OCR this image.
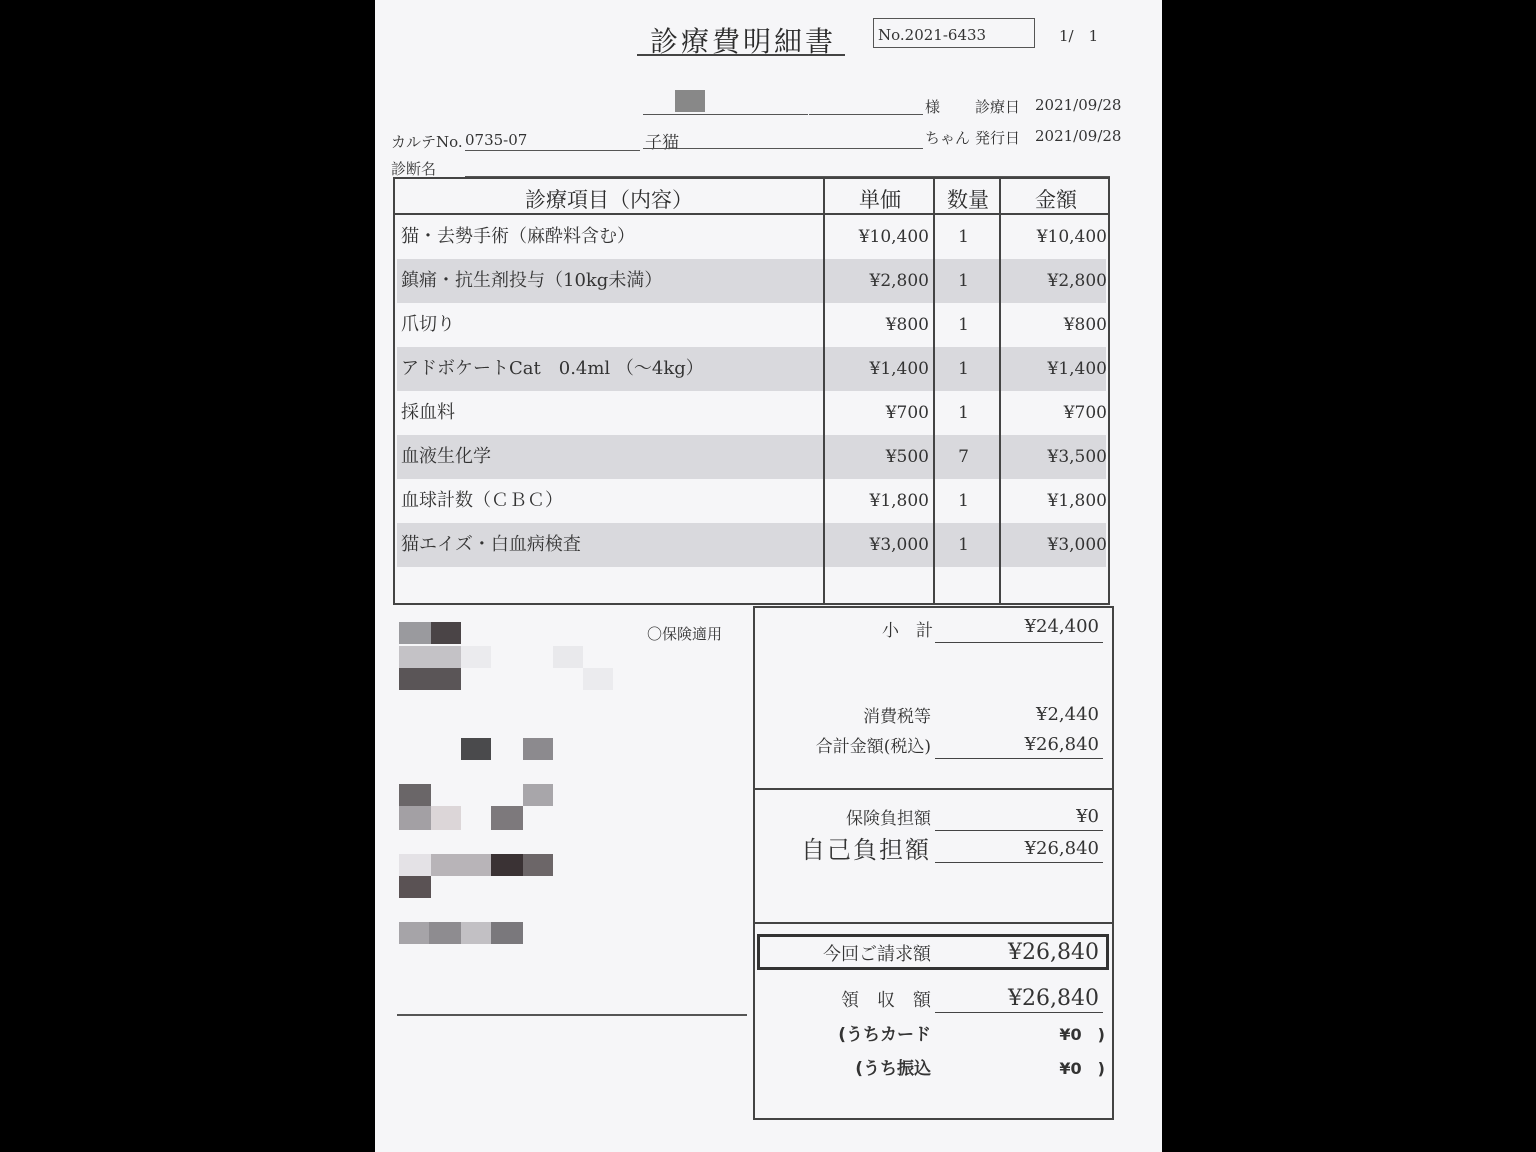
診療費明細書	No.2021-6433	1/　1
様 診療日 2021/09/28
カルテNo. 0735-07	子猫	ちゃん 発行日 2021/09/28
診断名
診療項目（内容）	単価	数量	金額
猫・去勢手術（麻酔料含む）	¥10,400	1	¥10,400
鎮痛・抗生剤投与（10kg未満）	¥2,800	1	¥2,800
爪切り	¥800	1	¥800
アドボケートCat　0.4ml （～4kg）	¥1,400	1	¥1,400
採血料	¥700	1	¥700
血液生化学	¥500	7	¥3,500
血球計数（ＣＢＣ）	¥1,800	1	¥1,800
猫エイズ・白血病検査	¥3,000	1	¥3,000
〇保険適用	小　計	¥24,400
消費税等	¥2,440
合計金額(税込)	¥26,840
保険負担額	¥0
自己負担額	¥26,840
今回ご請求額	¥26,840
領　収　額	¥26,840
(うちカード	¥0　)
(うち振込	¥0　)
